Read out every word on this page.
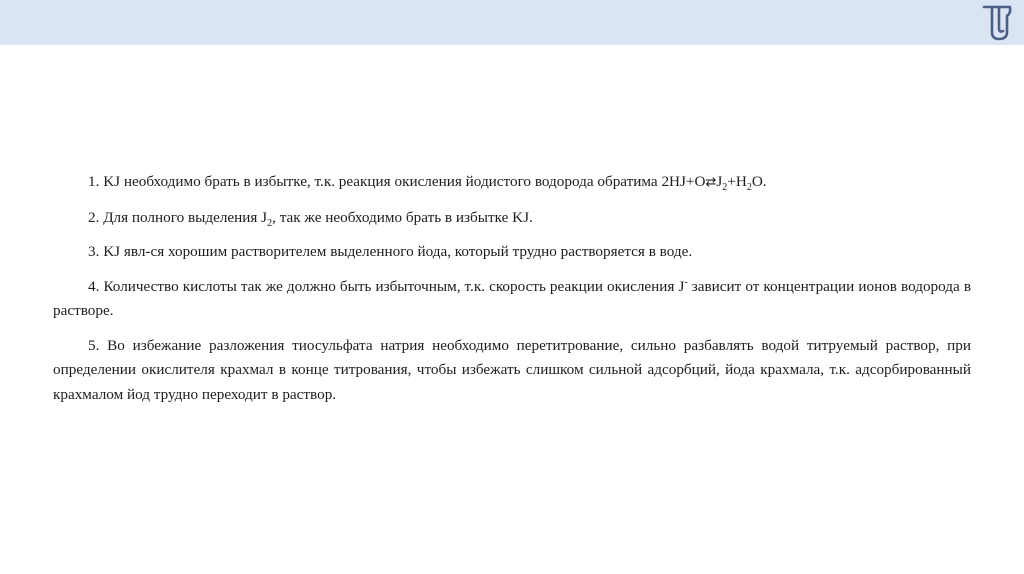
1. KJ необходимо брать в избытке, т.к. реакция окисления йодистого водорода обратима $2HJ+O⇄J_2+H_2O$.

2. Для полного выделения $J_2$, так же необходимо брать в избытке KJ.

3. KJ явл-ся хорошим растворителем выделенного йода, который трудно растворяется в воде.

4. Количество кислоты так же должно быть избыточным, т.к. скорость реакции окисления J- зависит от концентрации ионов водорода в растворе.

5. Во избежание разложения тиосульфата натрия необходимо перетитрование, сильно разбавлять водой титруемый раствор, при определении окислителя крахмал в конце титрования, чтобы избежать слишком сильной адсорбций, йода крахмала, т.к. адсорбированный крахмалом йод трудно переходит в раствор.
